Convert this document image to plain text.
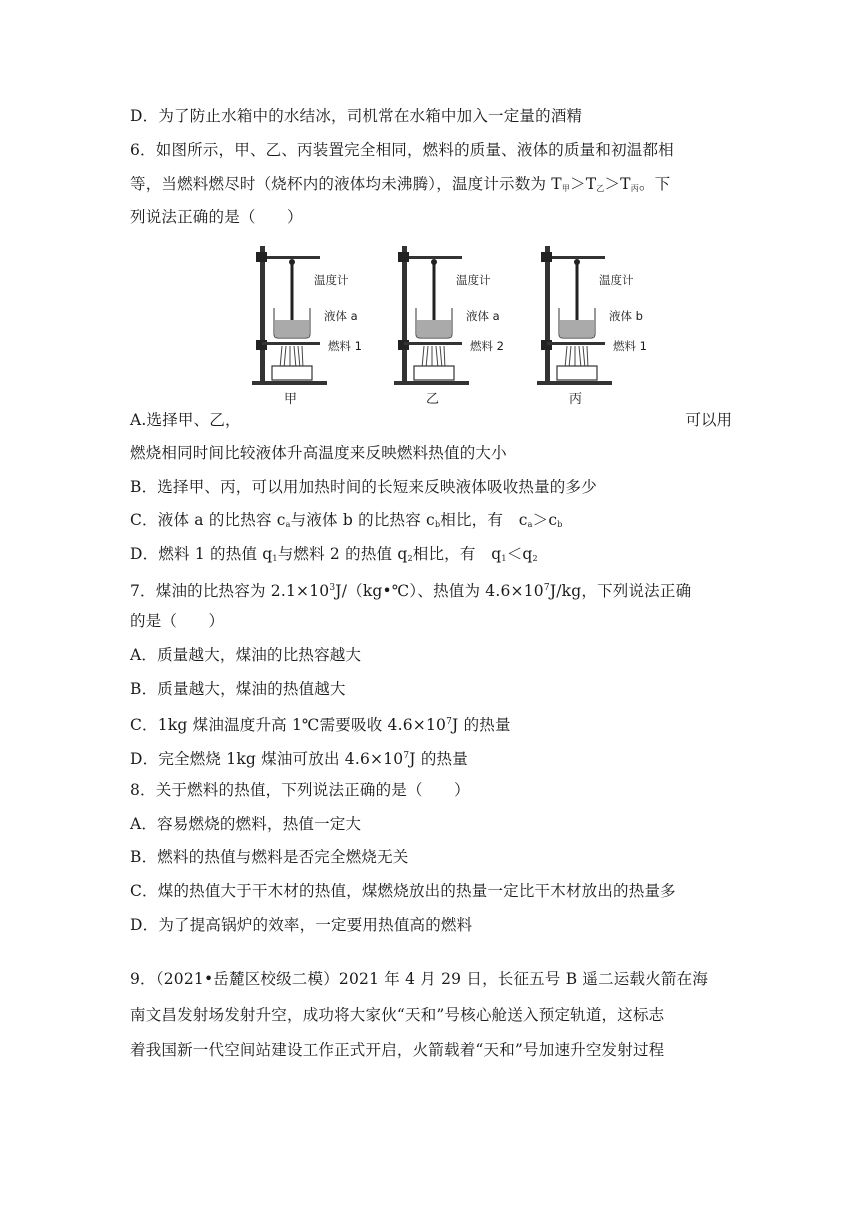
D．为了防止水箱中的水结冰，司机常在水箱中加入一定量的酒精
6．如图所示，甲、乙、丙装置完全相同，燃料的质量、液体的质量和初温都相
等，当燃料燃尽时（烧杯内的液体均未沸腾），温度计示数为 $T_甲>T_乙>T_丙$。下
列说法正确的是（　　）
温度计
液体 a
燃料 1
甲
温度计
液体 a
燃料 2
乙
温度计
液体 b
燃料 1
丙
A.选择甲、乙，	可以用
燃烧相同时间比较液体升高温度来反映燃料热值的大小
B．选择甲、丙，可以用加热时间的长短来反映液体吸收热量的多少
C．液体 a 的比热容 $c_a$与液体 b 的比热容 $c_b$相比，有　$c_a>c_b$
D．燃料 1 的热值 $q_1$与燃料 2 的热值 $q_2$相比，有　$q_1<q_2$
7．煤油的比热容为 $2.1\times 10^3J/(kg•℃)$、热值为 $4.6\times 10^7J/kg$，下列说法正确
的是（　　）
A．质量越大，煤油的比热容越大
B．质量越大，煤油的热值越大
C．1kg 煤油温度升高 1℃需要吸收 $4.6\times 10^7J$ 的热量
D．完全燃烧 1kg 煤油可放出 $4.6\times 10^7J$ 的热量
8．关于燃料的热值，下列说法正确的是（　　）
A．容易燃烧的燃料，热值一定大
B．燃料的热值与燃料是否完全燃烧无关
C．煤的热值大于干木材的热值，煤燃烧放出的热量一定比干木材放出的热量多
D．为了提高锅炉的效率，一定要用热值高的燃料
9．（2021•岳麓区校级二模）2021 年 4 月 29 日，长征五号 B 遥二运载火箭在海
南文昌发射场发射升空，成功将大家伙“天和”号核心舱送入预定轨道，这标志
着我国新一代空间站建设工作正式开启，火箭载着“天和”号加速升空发射过程
